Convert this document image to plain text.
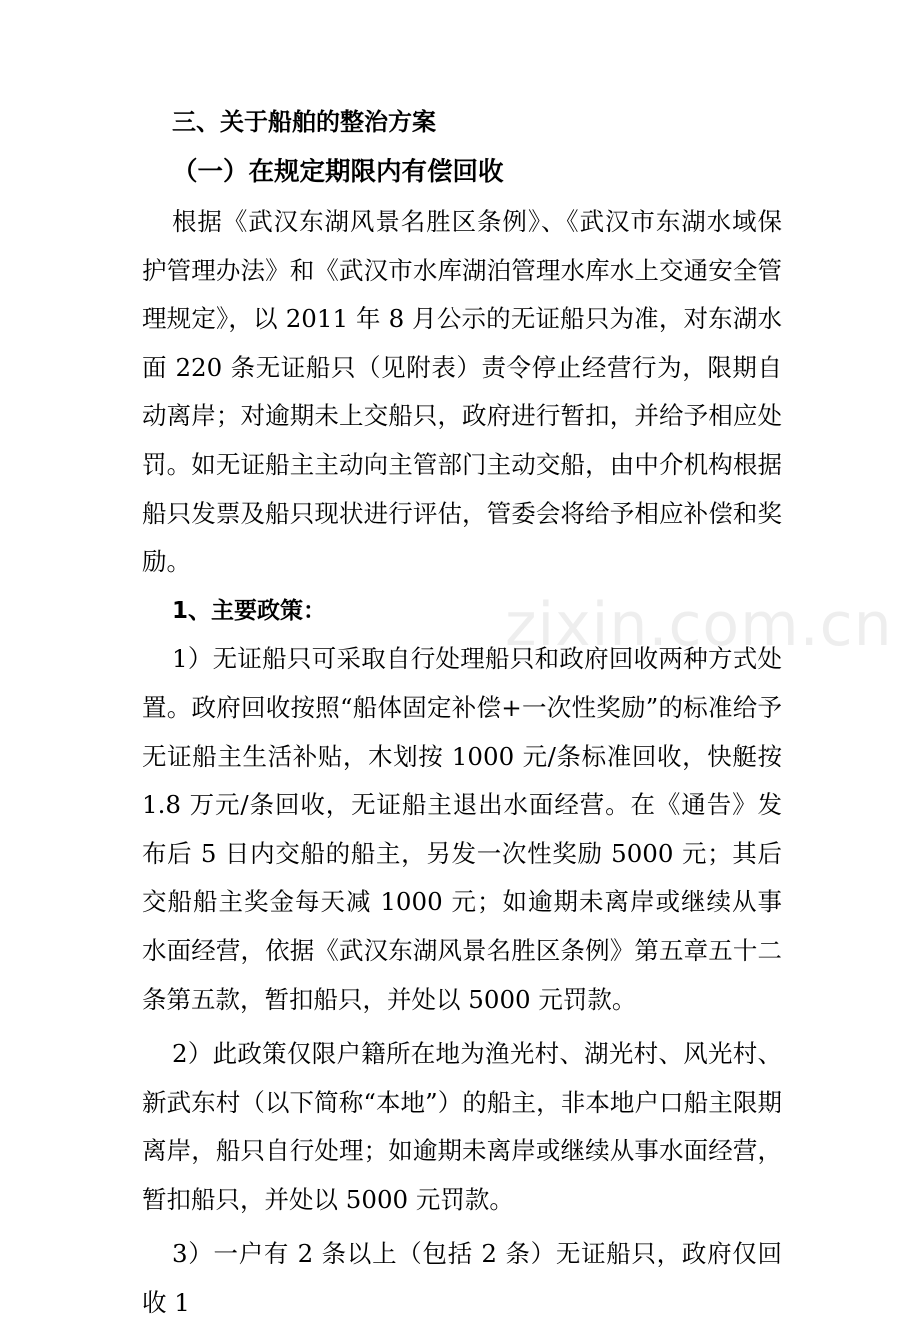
三、关于船舶的整治方案

（一）在规定期限内有偿回收

根据《武汉东湖风景名胜区条例》、《武汉市东湖水域保护管理办法》和《武汉市水库湖泊管理水库水上交通安全管理规定》，以 2011 年 8 月公示的无证船只为准，对东湖水面 220 条无证船只（见附表）责令停止经营行为，限期自动离岸；对逾期未上交船只，政府进行暂扣，并给予相应处罚。如无证船主主动向主管部门主动交船，由中介机构根据船只发票及船只现状进行评估，管委会将给予相应补偿和奖励。

1、主要政策：

1）无证船只可采取自行处理船只和政府回收两种方式处置。政府回收按照“船体固定补偿+一次性奖励”的标准给予无证船主生活补贴，木划按 1000 元/条标准回收，快艇按 1.8 万元/条回收，无证船主退出水面经营。在《通告》发布后 5 日内交船的船主，另发一次性奖励 5000 元；其后交船船主奖金每天减 1000 元；如逾期未离岸或继续从事水面经营，依据《武汉东湖风景名胜区条例》第五章五十二条第五款，暂扣船只，并处以 5000 元罚款。

2）此政策仅限户籍所在地为渔光村、湖光村、风光村、新武东村（以下简称“本地”）的船主，非本地户口船主限期离岸，船只自行处理；如逾期未离岸或继续从事水面经营，暂扣船只，并处以 5000 元罚款。

3）一户有 2 条以上（包括 2 条）无证船只，政府仅回收 1

zixin.com.cn
